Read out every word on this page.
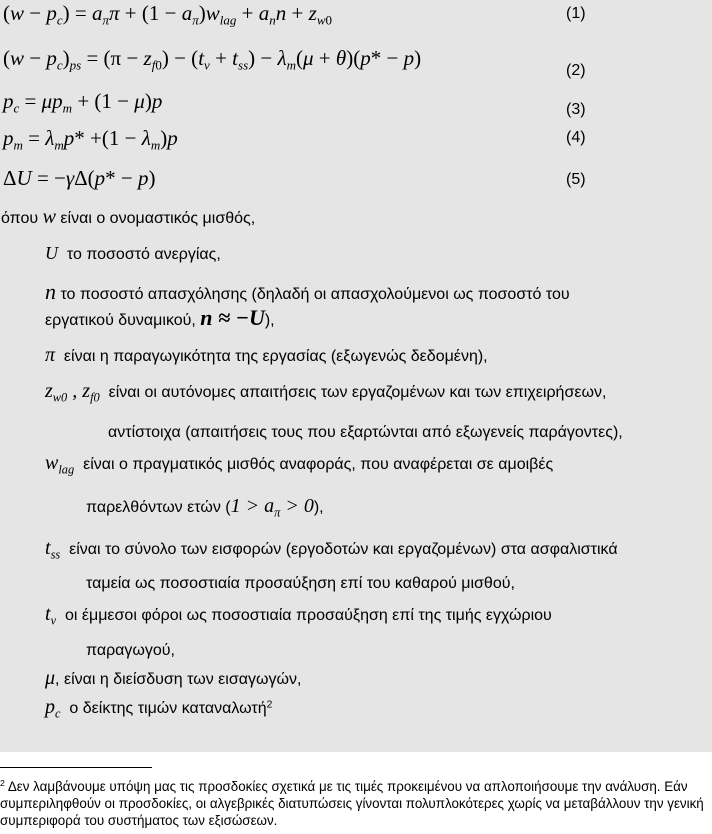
$(w - p_c) = a_\pi\pi + (1 - a_\pi)w_{lag} + a_nn + z_{w0}$	(1)
$(w - p_c)_{ps} = (\pi - z_{f0}) - (t_v + t_{ss}) - \lambda_m(\mu + \theta)(p* - p)$
(2)
$p_c = \mu p_m + (1 - \mu)p$	(3)
$p_m = \lambda_mp* +(1 - \lambda_m)p$	(4)
ΔU = −γΔ(p* − p)	(5)
όπου w είναι ο ονομαστικός μισθός,
U το ποσοστό ανεργίας,
n το ποσοστό απασχόλησης (δηλαδή οι απασχολούμενοι ως ποσοστό του
εργατικού δυναμικού, n ≈ −U),
π είναι η παραγωγικότητα της εργασίας (εξωγενώς δεδομένη),
$z_{w0}$ , $z_{f0}$ είναι οι αυτόνομες απαιτήσεις των εργαζομένων και των επιχειρήσεων,
αντίστοιχα (απαιτήσεις τους που εξαρτώνται από εξωγενείς παράγοντες),
$w_{lag}$ είναι ο πραγματικός μισθός αναφοράς, που αναφέρεται σε αμοιβές
παρελθόντων ετών $(1 > a_\pi > 0)$,
$t_{ss}$ είναι το σύνολο των εισφορών (εργοδοτών και εργαζομένων) στα ασφαλιστικά
ταμεία ως ποσοστιαία προσαύξηση επί του καθαρού μισθού,
$t_v$ οι έμμεσοι φόροι ως ποσοστιαία προσαύξηση επί της τιμής εγχώριου
παραγωγού,
μ, είναι η διείσδυση των εισαγωγών,
$p_c$ ο δείκτης τιμών καταναλωτή$^2$
$^2$ Δεν λαμβάνουμε υπόψη μας τις προσδοκίες σχετικά με τις τιμές προκειμένου να απλοποιήσουμε την ανάλυση. Εάν συμπεριληφθούν οι προσδοκίες, οι αλγεβρικές διατυπώσεις γίνονται πολυπλοκότερες χωρίς να μεταβάλλουν την γενική συμπεριφορά του συστήματος των εξισώσεων.
